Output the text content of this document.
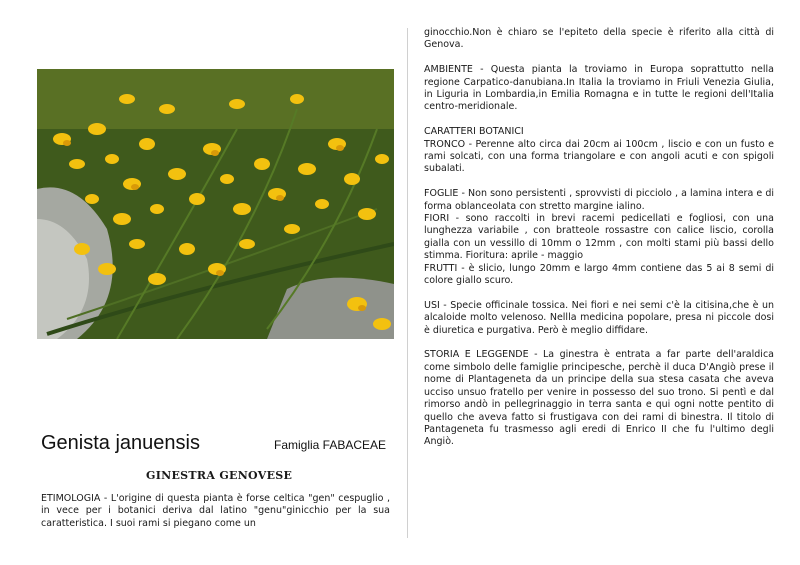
Genista januensis	Famiglia FABACEAE
GINESTRA GENOVESE
ETIMOLOGIA - L'origine di questa pianta è forse celtica "gen" cespuglio , in vece per i botanici deriva dal latino "genu"ginicchio per la sua caratteristica. I suoi rami si piegano come un

ginocchio.Non è chiaro se l'epiteto della specie è riferito alla città di Genova.

AMBIENTE - Questa pianta la troviamo in Europa soprattutto nella regione Carpatico-danubiana.In Italia la troviamo in Friuli Venezia Giulia, in Liguria in Lombardia,in Emilia Romagna e in tutte le regioni dell'Italia centro-meridionale.

CARATTERI BOTANICI

TRONCO - Perenne alto circa dai 20cm ai 100cm , liscio e con un fusto e rami solcati, con una forma triangolare e con angoli acuti e con spigoli subalati.

FOGLIE - Non sono persistenti , sprovvisti di picciolo , a lamina intera e di forma oblanceolata con stretto margine ialino.

FIORI - sono raccolti in brevi racemi pedicellati e fogliosi, con una lunghezza variabile , con bratteole rossastre con calice liscio, corolla gialla con un vessillo di 10mm o 12mm , con molti stami più bassi dello stimma. Fioritura: aprile - maggio

FRUTTI - è slicio, lungo 20mm e largo 4mm contiene das 5 ai 8 semi di colore giallo scuro.

USI - Specie officinale tossica. Nei fiori e nei semi c'è la citisina,che è un alcaloide molto velenoso. Nellla medicina popolare, presa ni piccole dosi è diuretica e purgativa. Però è meglio diffidare.

STORIA E LEGGENDE - La ginestra è entrata a far parte dell'araldica come simbolo delle famiglie principesche, perchè il duca D'Angiò prese il nome di Plantageneta da un principe della sua stesa casata che aveva ucciso unsuo fratello per venire in possesso del suo trono. Si pentì e dal rimorso andò in pellegrinaggio in terra santa e qui ogni notte pentito di quello che aveva fatto si frustigava con dei rami di binestra. Il titolo di Pantageneta fu trasmesso agli eredi di Enrico II che fu l'ultimo degli Angiò.
